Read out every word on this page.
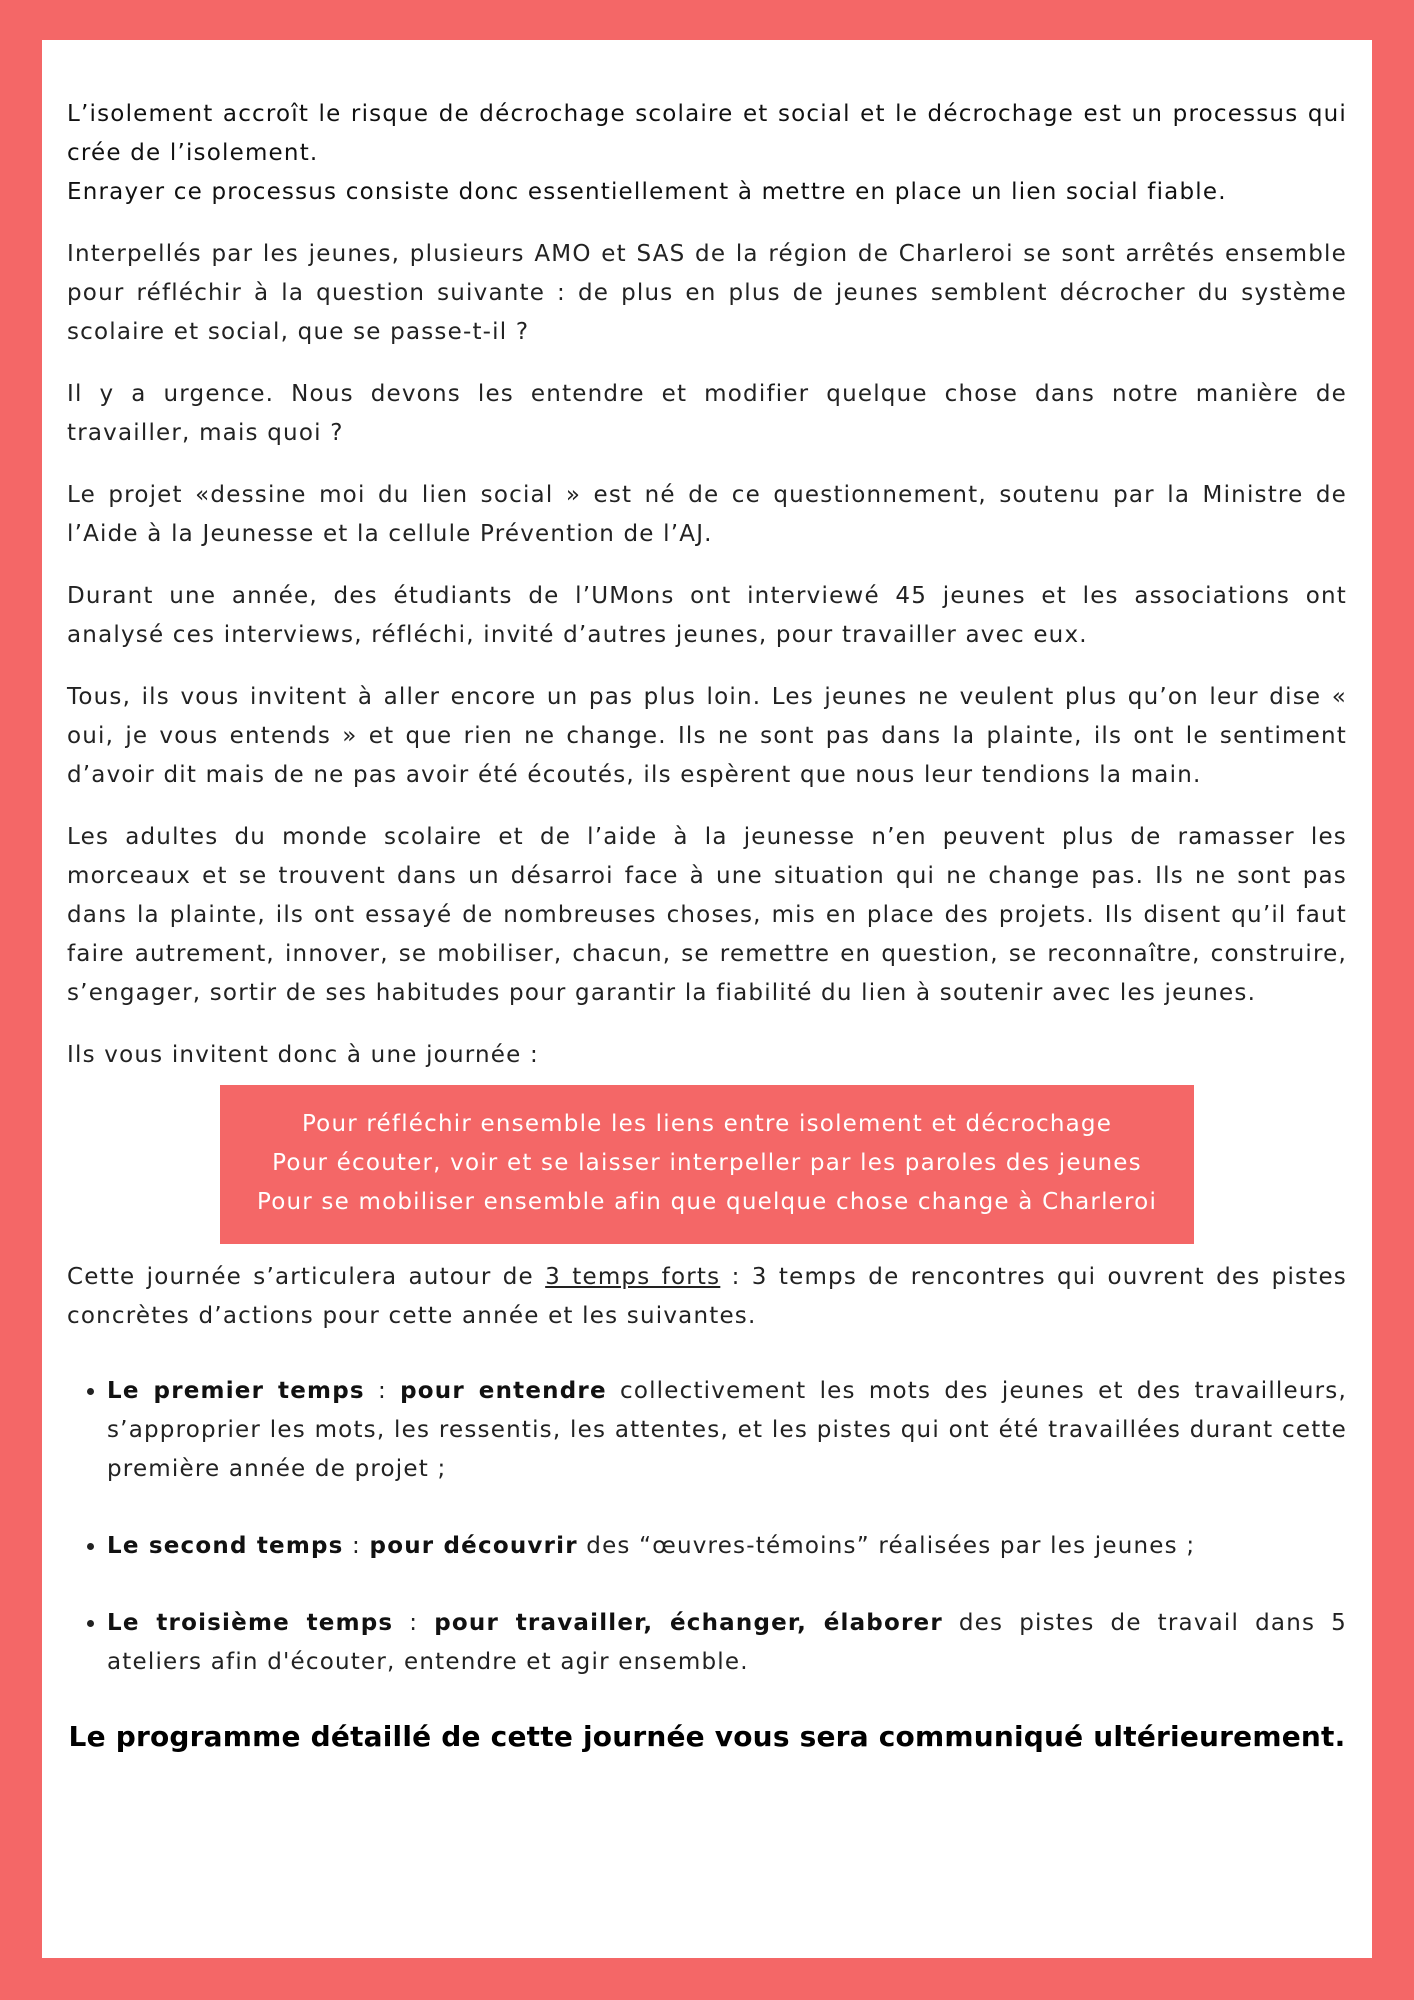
L’isolement accroît le risque de décrochage scolaire et social et le décrochage est un processus qui crée de l’isolement.
Enrayer ce processus consiste donc essentiellement à mettre en place un lien social fiable.

Interpellés par les jeunes, plusieurs AMO et SAS de la région de Charleroi se sont arrêtés ensemble pour réfléchir à la question suivante : de plus en plus de jeunes semblent décrocher du système scolaire et social, que se passe-t-il ?

Il y a urgence. Nous devons les entendre et modifier quelque chose dans notre manière de travailler, mais quoi ?

Le projet «dessine moi du lien social » est né de ce questionnement, soutenu par la Ministre de l’Aide à la Jeunesse et la cellule Prévention de l’AJ.

Durant une année, des étudiants de l’UMons ont interviewé 45 jeunes et les associations ont analysé ces interviews, réfléchi, invité d’autres jeunes, pour travailler avec eux.

Tous, ils vous invitent à aller encore un pas plus loin. Les jeunes ne veulent plus qu’on leur dise « oui, je vous entends » et que rien ne change. Ils ne sont pas dans la plainte, ils ont le sentiment d’avoir dit mais de ne pas avoir été écoutés, ils espèrent que nous leur tendions la main.

Les adultes du monde scolaire et de l’aide à la jeunesse n’en peuvent plus de ramasser les morceaux et se trouvent dans un désarroi face à une situation qui ne change pas. Ils ne sont pas dans la plainte, ils ont essayé de nombreuses choses, mis en place des projets. Ils disent qu’il faut faire autrement, innover, se mobiliser, chacun, se remettre en question, se reconnaître, construire, s’engager, sortir de ses habitudes pour garantir la fiabilité du lien à soutenir avec les jeunes.

Ils vous invitent donc à une journée :

Pour réfléchir ensemble les liens entre isolement et décrochage
Pour écouter, voir et se laisser interpeller par les paroles des jeunes
Pour se mobiliser ensemble afin que quelque chose change à Charleroi

Cette journée s’articulera autour de 3 temps forts : 3 temps de rencontres qui ouvrent des pistes concrètes d’actions pour cette année et les suivantes.

• Le premier temps : pour entendre collectivement les mots des jeunes et des travailleurs, s’approprier les mots, les ressentis, les attentes, et les pistes qui ont été travaillées durant cette première année de projet ;
• Le second temps : pour découvrir des “œuvres-témoins” réalisées par les jeunes ;
• Le troisième temps : pour travailler, échanger, élaborer des pistes de travail dans 5 ateliers afin d'écouter, entendre et agir ensemble.
Le programme détaillé de cette journée vous sera communiqué ultérieurement.
